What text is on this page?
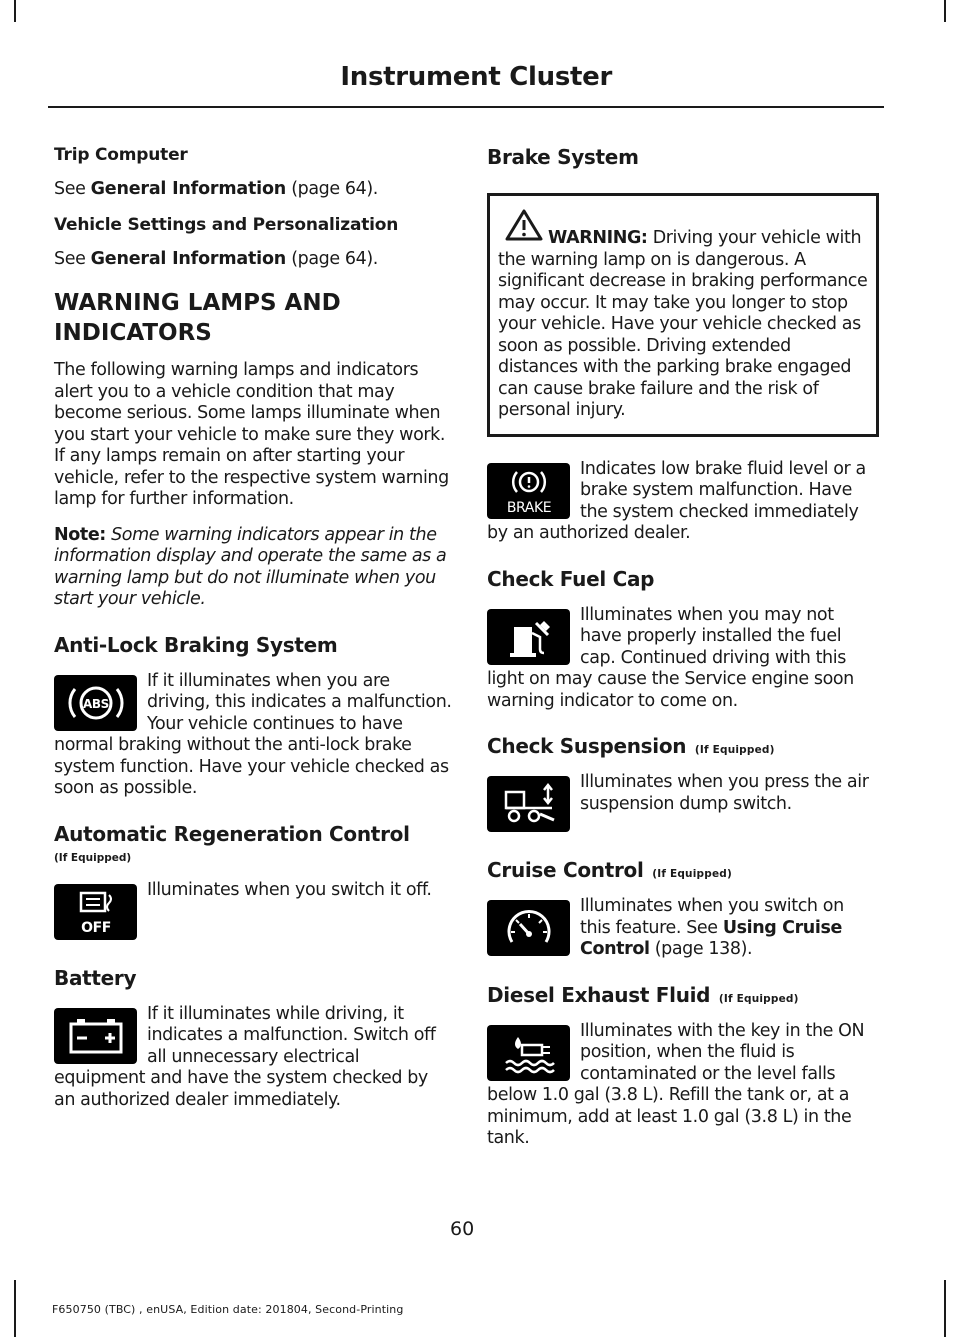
Instrument Cluster
Trip Computer
See General Information (page 64).
Vehicle Settings and Personalization
See General Information (page 64).
WARNING LAMPS AND
INDICATORS
The following warning lamps and indicators alert you to a vehicle condition that may become serious. Some lamps illuminate when you start your vehicle to make sure they work. If any lamps remain on after starting your vehicle, refer to the respective system warning lamp for further information.
Note: Some warning indicators appear in the information display and operate the same as a warning lamp but do not illuminate when you start your vehicle.
Anti-Lock Braking System
ABS
If it illuminates when you are driving, this indicates a malfunction. Your vehicle continues to have normal braking without the anti-lock brake system function. Have your vehicle checked as soon as possible.
Automatic Regeneration Control
(If Equipped)
OFF
Illuminates when you switch it off.
Battery
If it illuminates while driving, it indicates a malfunction. Switch off all unnecessary electrical equipment and have the system checked by an authorized dealer immediately.
Brake System
WARNING: Driving your vehicle with the warning lamp on is dangerous. A significant decrease in braking performance may occur. It may take you longer to stop your vehicle. Have your vehicle checked as soon as possible. Driving extended distances with the parking brake engaged can cause brake failure and the risk of personal injury.
BRAKE
Indicates low brake fluid level or a brake system malfunction. Have the system checked immediately by an authorized dealer.
Check Fuel Cap
Illuminates when you may not have properly installed the fuel cap. Continued driving with this light on may cause the Service engine soon warning indicator to come on.
Check Suspension (If Equipped)
Illuminates when you press the air suspension dump switch.
Cruise Control (If Equipped)
Illuminates when you switch on this feature. See Using Cruise Control (page 138).
Diesel Exhaust Fluid (If Equipped)
Illuminates with the key in the ON position, when the fluid is contaminated or the level falls below 1.0 gal (3.8 L). Refill the tank or, at a minimum, add at least 1.0 gal (3.8 L) in the tank.
60
F650750 (TBC) , enUSA, Edition date: 201804, Second-Printing
